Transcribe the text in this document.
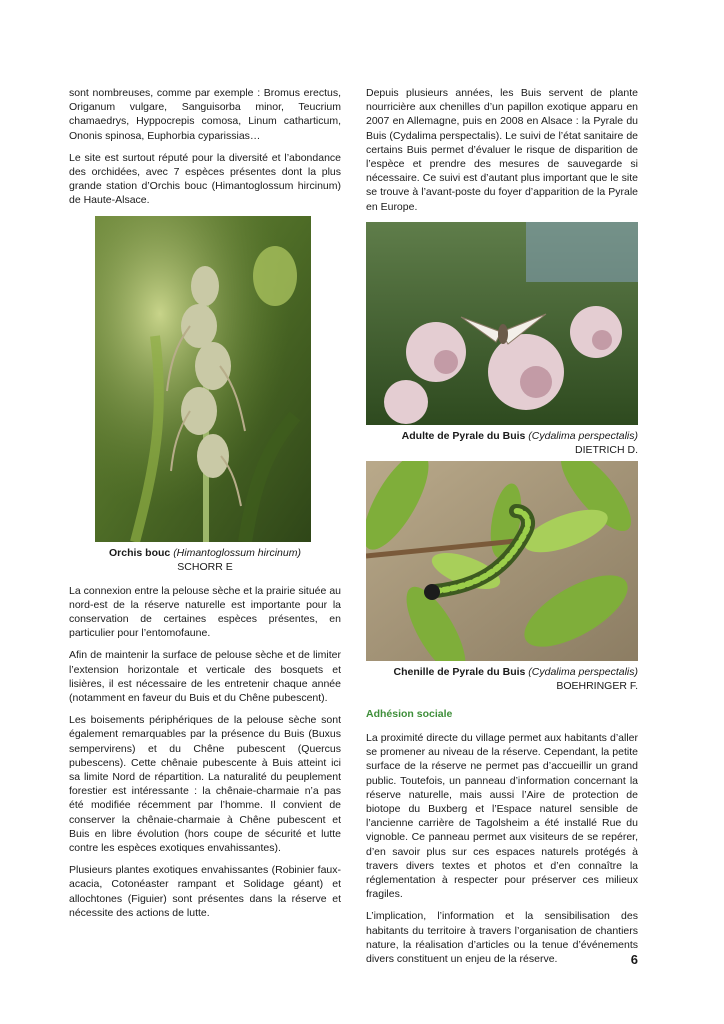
sont nombreuses, comme par exemple : Bromus erectus, Origanum vulgare, Sanguisorba minor, Teucrium chamaedrys, Hyppocrepis comosa, Linum catharticum, Ononis spinosa, Euphorbia cyparissias…

Le site est surtout réputé pour la diversité et l’abondance des orchidées, avec 7 espèces présentes dont la plus grande station d’Orchis bouc (Himantoglossum hircinum) de Haute-Alsace.

Orchis bouc (Himantoglossum hircinum)
SCHORR E

La connexion entre la pelouse sèche et la prairie située au nord-est de la réserve naturelle est importante pour la conservation de certaines espèces présentes, en particulier pour l’entomofaune.

Afin de maintenir la surface de pelouse sèche et de limiter l’extension horizontale et verticale des bosquets et lisières, il est nécessaire de les entretenir chaque année (notamment en faveur du Buis et du Chêne pubescent).

Les boisements périphériques de la pelouse sèche sont également remarquables par la présence du Buis (Buxus sempervirens) et du Chêne pubescent (Quercus pubescens). Cette chênaie pubescente à Buis atteint ici sa limite Nord de répartition. La naturalité du peuplement forestier est intéressante : la chênaie-charmaie n’a pas été modifiée récemment par l’homme. Il convient de conserver la chênaie-charmaie à Chêne pubescent et Buis en libre évolution (hors coupe de sécurité et lutte contre les espèces exotiques envahissantes).

Plusieurs plantes exotiques envahissantes (Robinier faux-acacia, Cotonéaster rampant et Solidage géant) et allochtones (Figuier) sont présentes dans la réserve et nécessite des actions de lutte.

Depuis plusieurs années, les Buis servent de plante nourricière aux chenilles d’un papillon exotique apparu en 2007 en Allemagne, puis en 2008 en Alsace : la Pyrale du Buis (Cydalima perspectalis). Le suivi de l’état sanitaire de certains Buis permet d’évaluer le risque de disparition de l’espèce et prendre des mesures de sauvegarde si nécessaire. Ce suivi est d’autant plus important que le site se trouve à l’avant-poste du foyer d’apparition de la Pyrale en Europe.

Adulte de Pyrale du Buis (Cydalima perspectalis)
DIETRICH D.
Chenille de Pyrale du Buis (Cydalima perspectalis)
BOEHRINGER F.
Adhésion sociale

La proximité directe du village permet aux habitants d’aller se promener au niveau de la réserve. Cependant, la petite surface de la réserve ne permet pas d’accueillir un grand public. Toutefois, un panneau d’information concernant la réserve naturelle, mais aussi l’Aire de protection de biotope du Buxberg et l’Espace naturel sensible de l’ancienne carrière de Tagolsheim a été installé Rue du vignoble. Ce panneau permet aux visiteurs de se repérer, d’en savoir plus sur ces espaces naturels protégés à travers divers textes et photos et d’en connaître la réglementation à respecter pour préserver ces milieux fragiles.

L’implication, l’information et la sensibilisation des habitants du territoire à travers l’organisation de chantiers nature, la réalisation d’articles ou la tenue d’événements divers constituent un enjeu de la réserve.	6
